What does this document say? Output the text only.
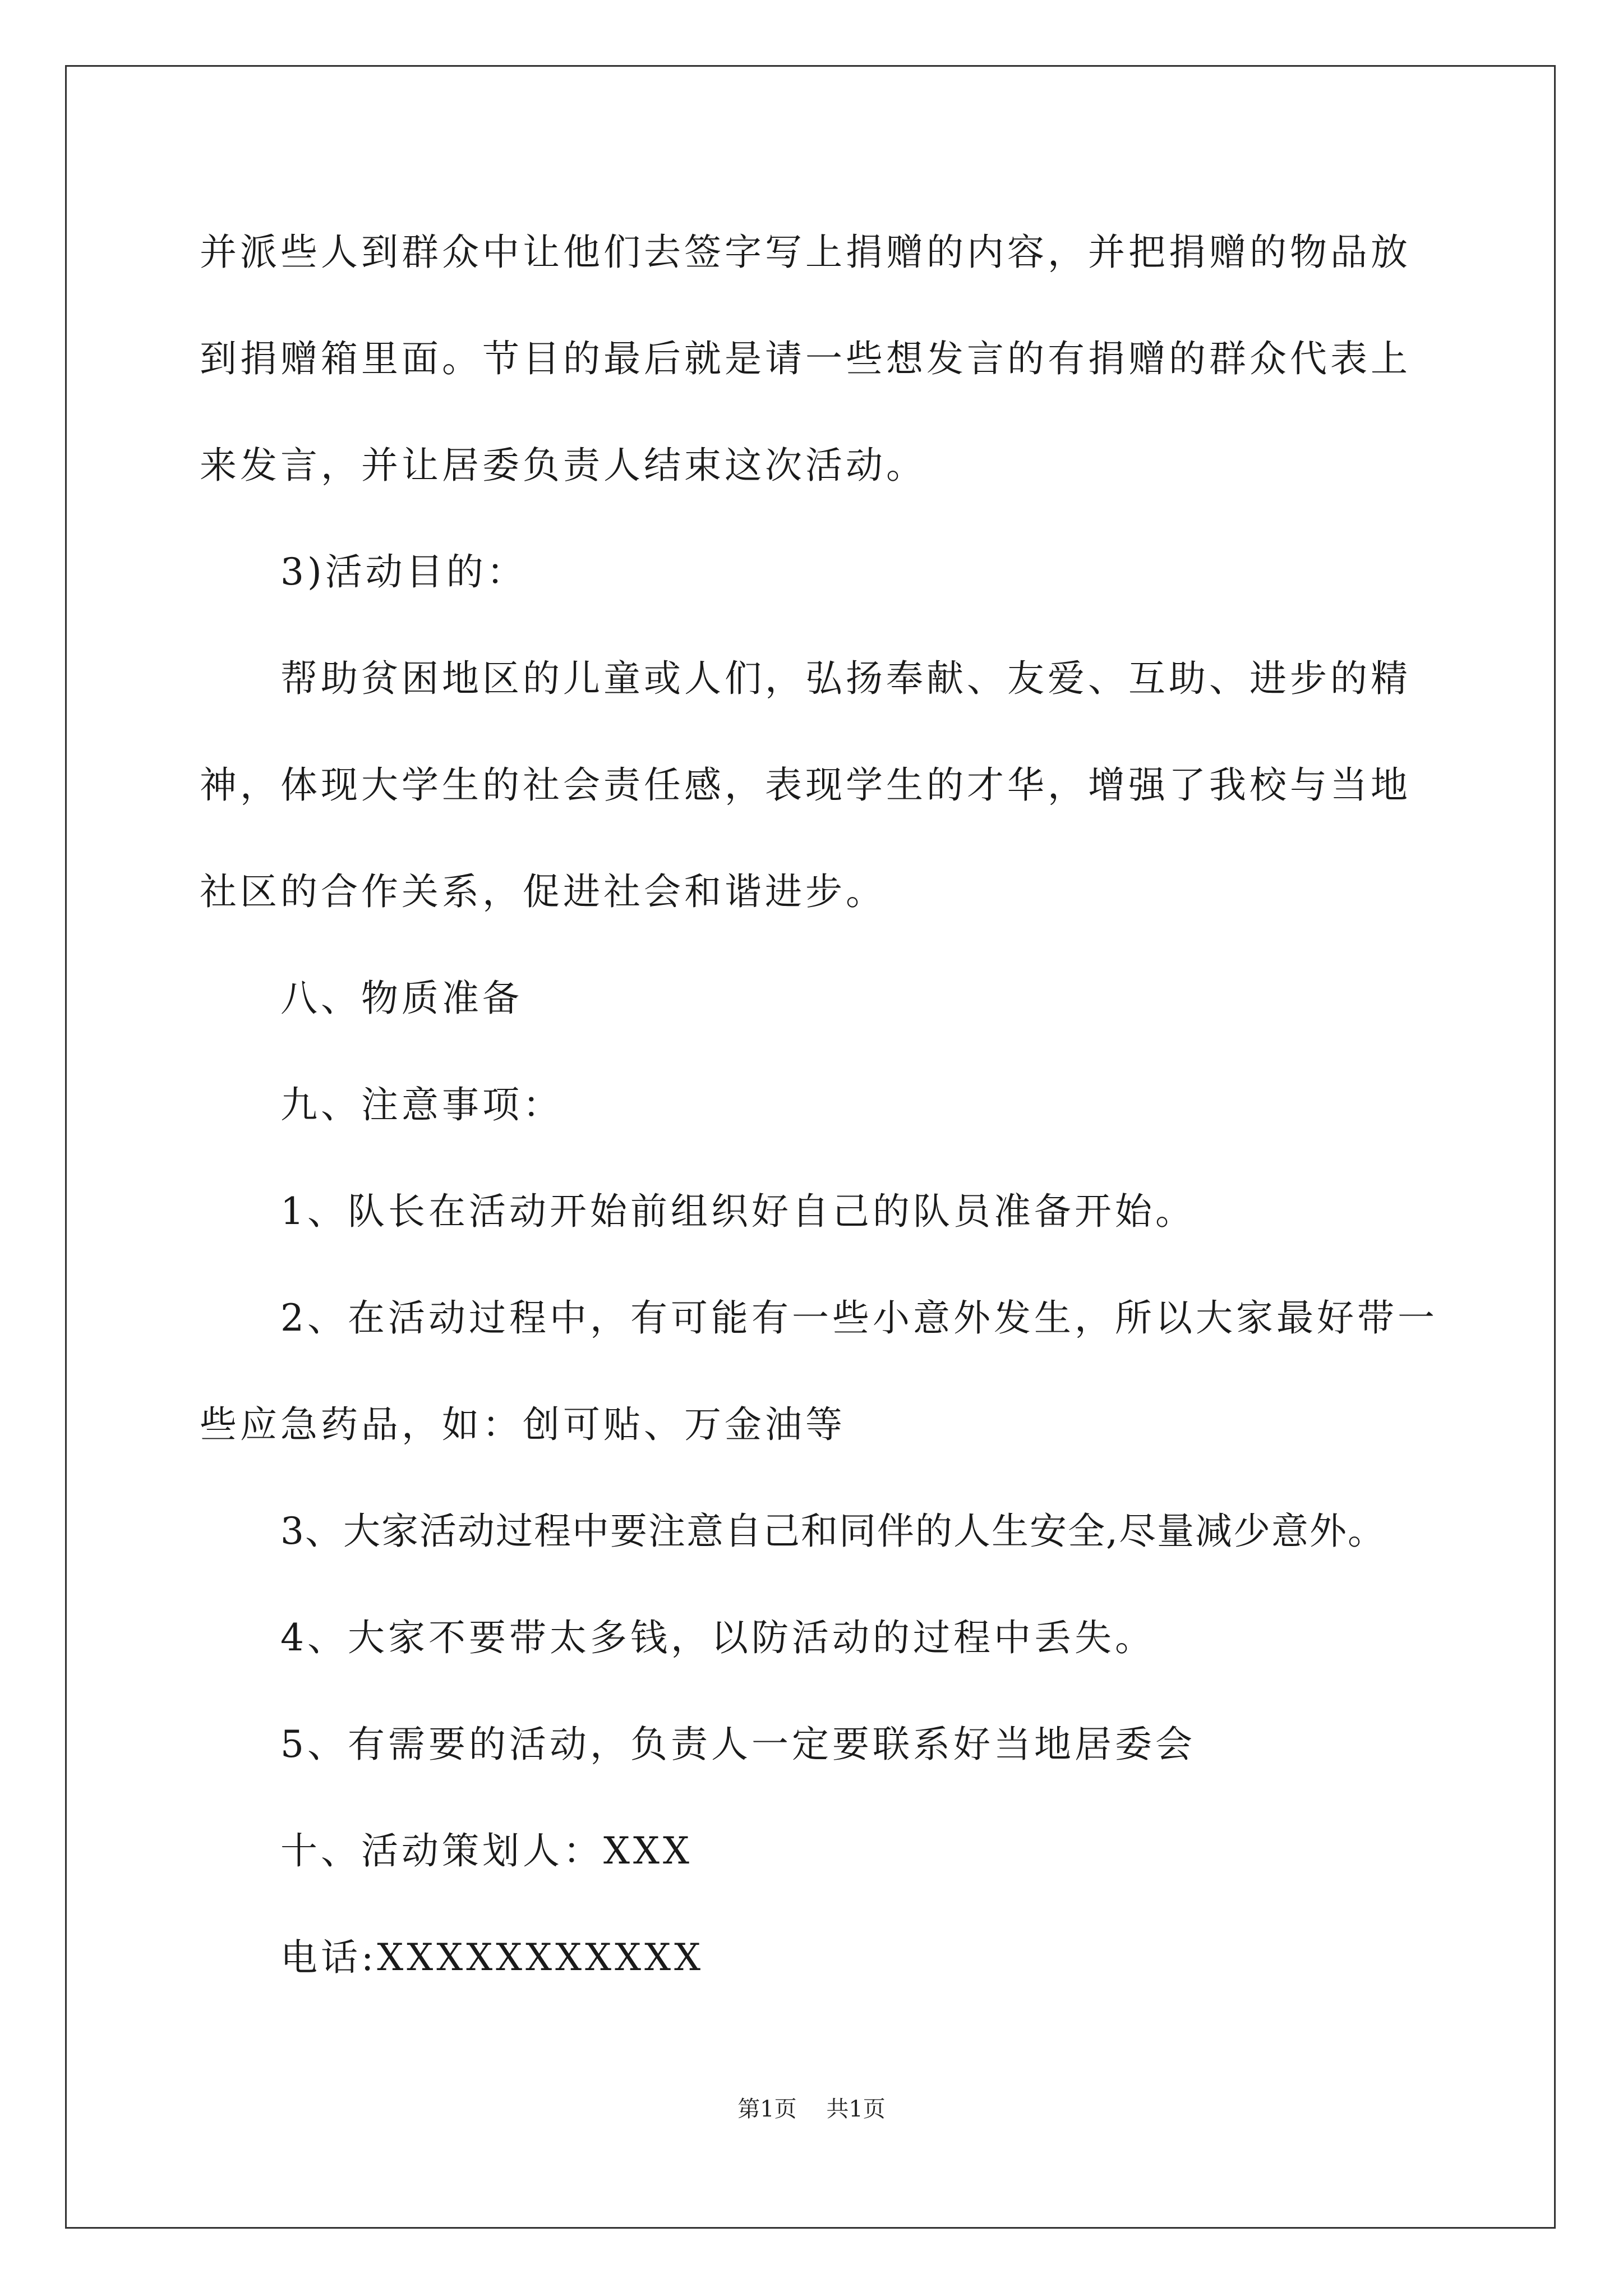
并派些人到群众中让他们去签字写上捐赠的内容，并把捐赠的物品放
到捐赠箱里面。节目的最后就是请一些想发言的有捐赠的群众代表上
来发言，并让居委负责人结束这次活动。
3)活动目的：
帮助贫困地区的儿童或人们，弘扬奉献、友爱、互助、进步的精
神，体现大学生的社会责任感，表现学生的才华，增强了我校与当地
社区的合作关系，促进社会和谐进步。
八、物质准备
九、注意事项：
1、队长在活动开始前组织好自己的队员准备开始。
2、在活动过程中，有可能有一些小意外发生，所以大家最好带一
些应急药品，如：创可贴、万金油等
3、大家活动过程中要注意自己和同伴的人生安全,尽量减少意外。
4、大家不要带太多钱，以防活动的过程中丢失。
5、有需要的活动，负责人一定要联系好当地居委会
十、活动策划人：XXX
电话:XXXXXXXXXXX
第1页 共1页
